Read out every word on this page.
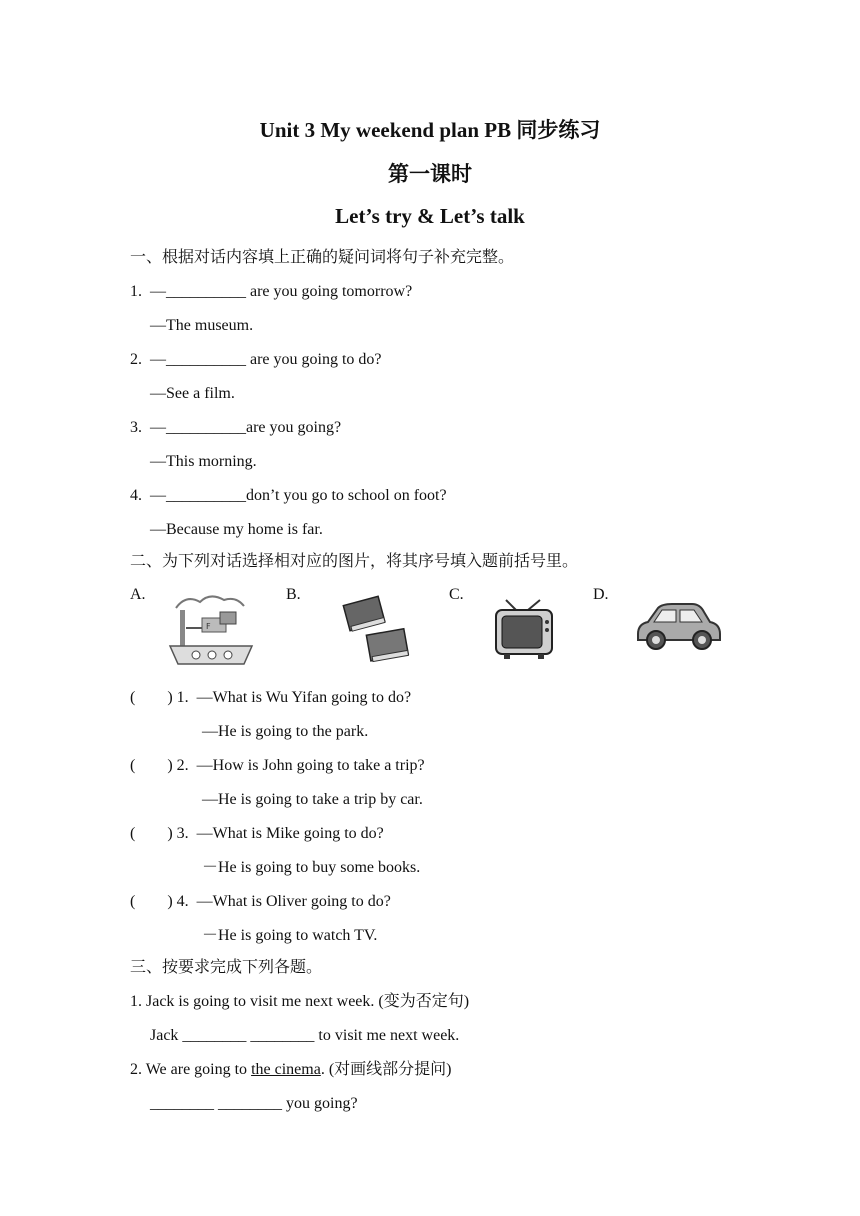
Unit 3 My weekend plan PB 同步练习
第一课时
Let’s try & Let’s talk
一、根据对话内容填上正确的疑问词将句子补充完整。
1.  —__________ are you going tomorrow?
—The museum.
2.  —__________ are you going to do?
—See a film.
3.  —__________are you going?
—This morning.
4.  —__________don’t you go to school on foot?
—Because my home is far.
二、为下列对话选择相对应的图片，将其序号填入题前括号里。
A.	B.	C.	D.
F
(        ) 1.  —What is Wu Yifan going to do?
—He is going to the park.
(        ) 2.  —How is John going to take a trip?
—He is going to take a trip by car.
(        ) 3.  —What is Mike going to do?
－He is going to buy some books.
(        ) 4.  —What is Oliver going to do?
－He is going to watch TV.
三、按要求完成下列各题。
1. Jack is going to visit me next week. (变为否定句)
Jack ________ ________ to visit me next week.
2. We are going to the cinema. (对画线部分提问)
________ ________ you going?
